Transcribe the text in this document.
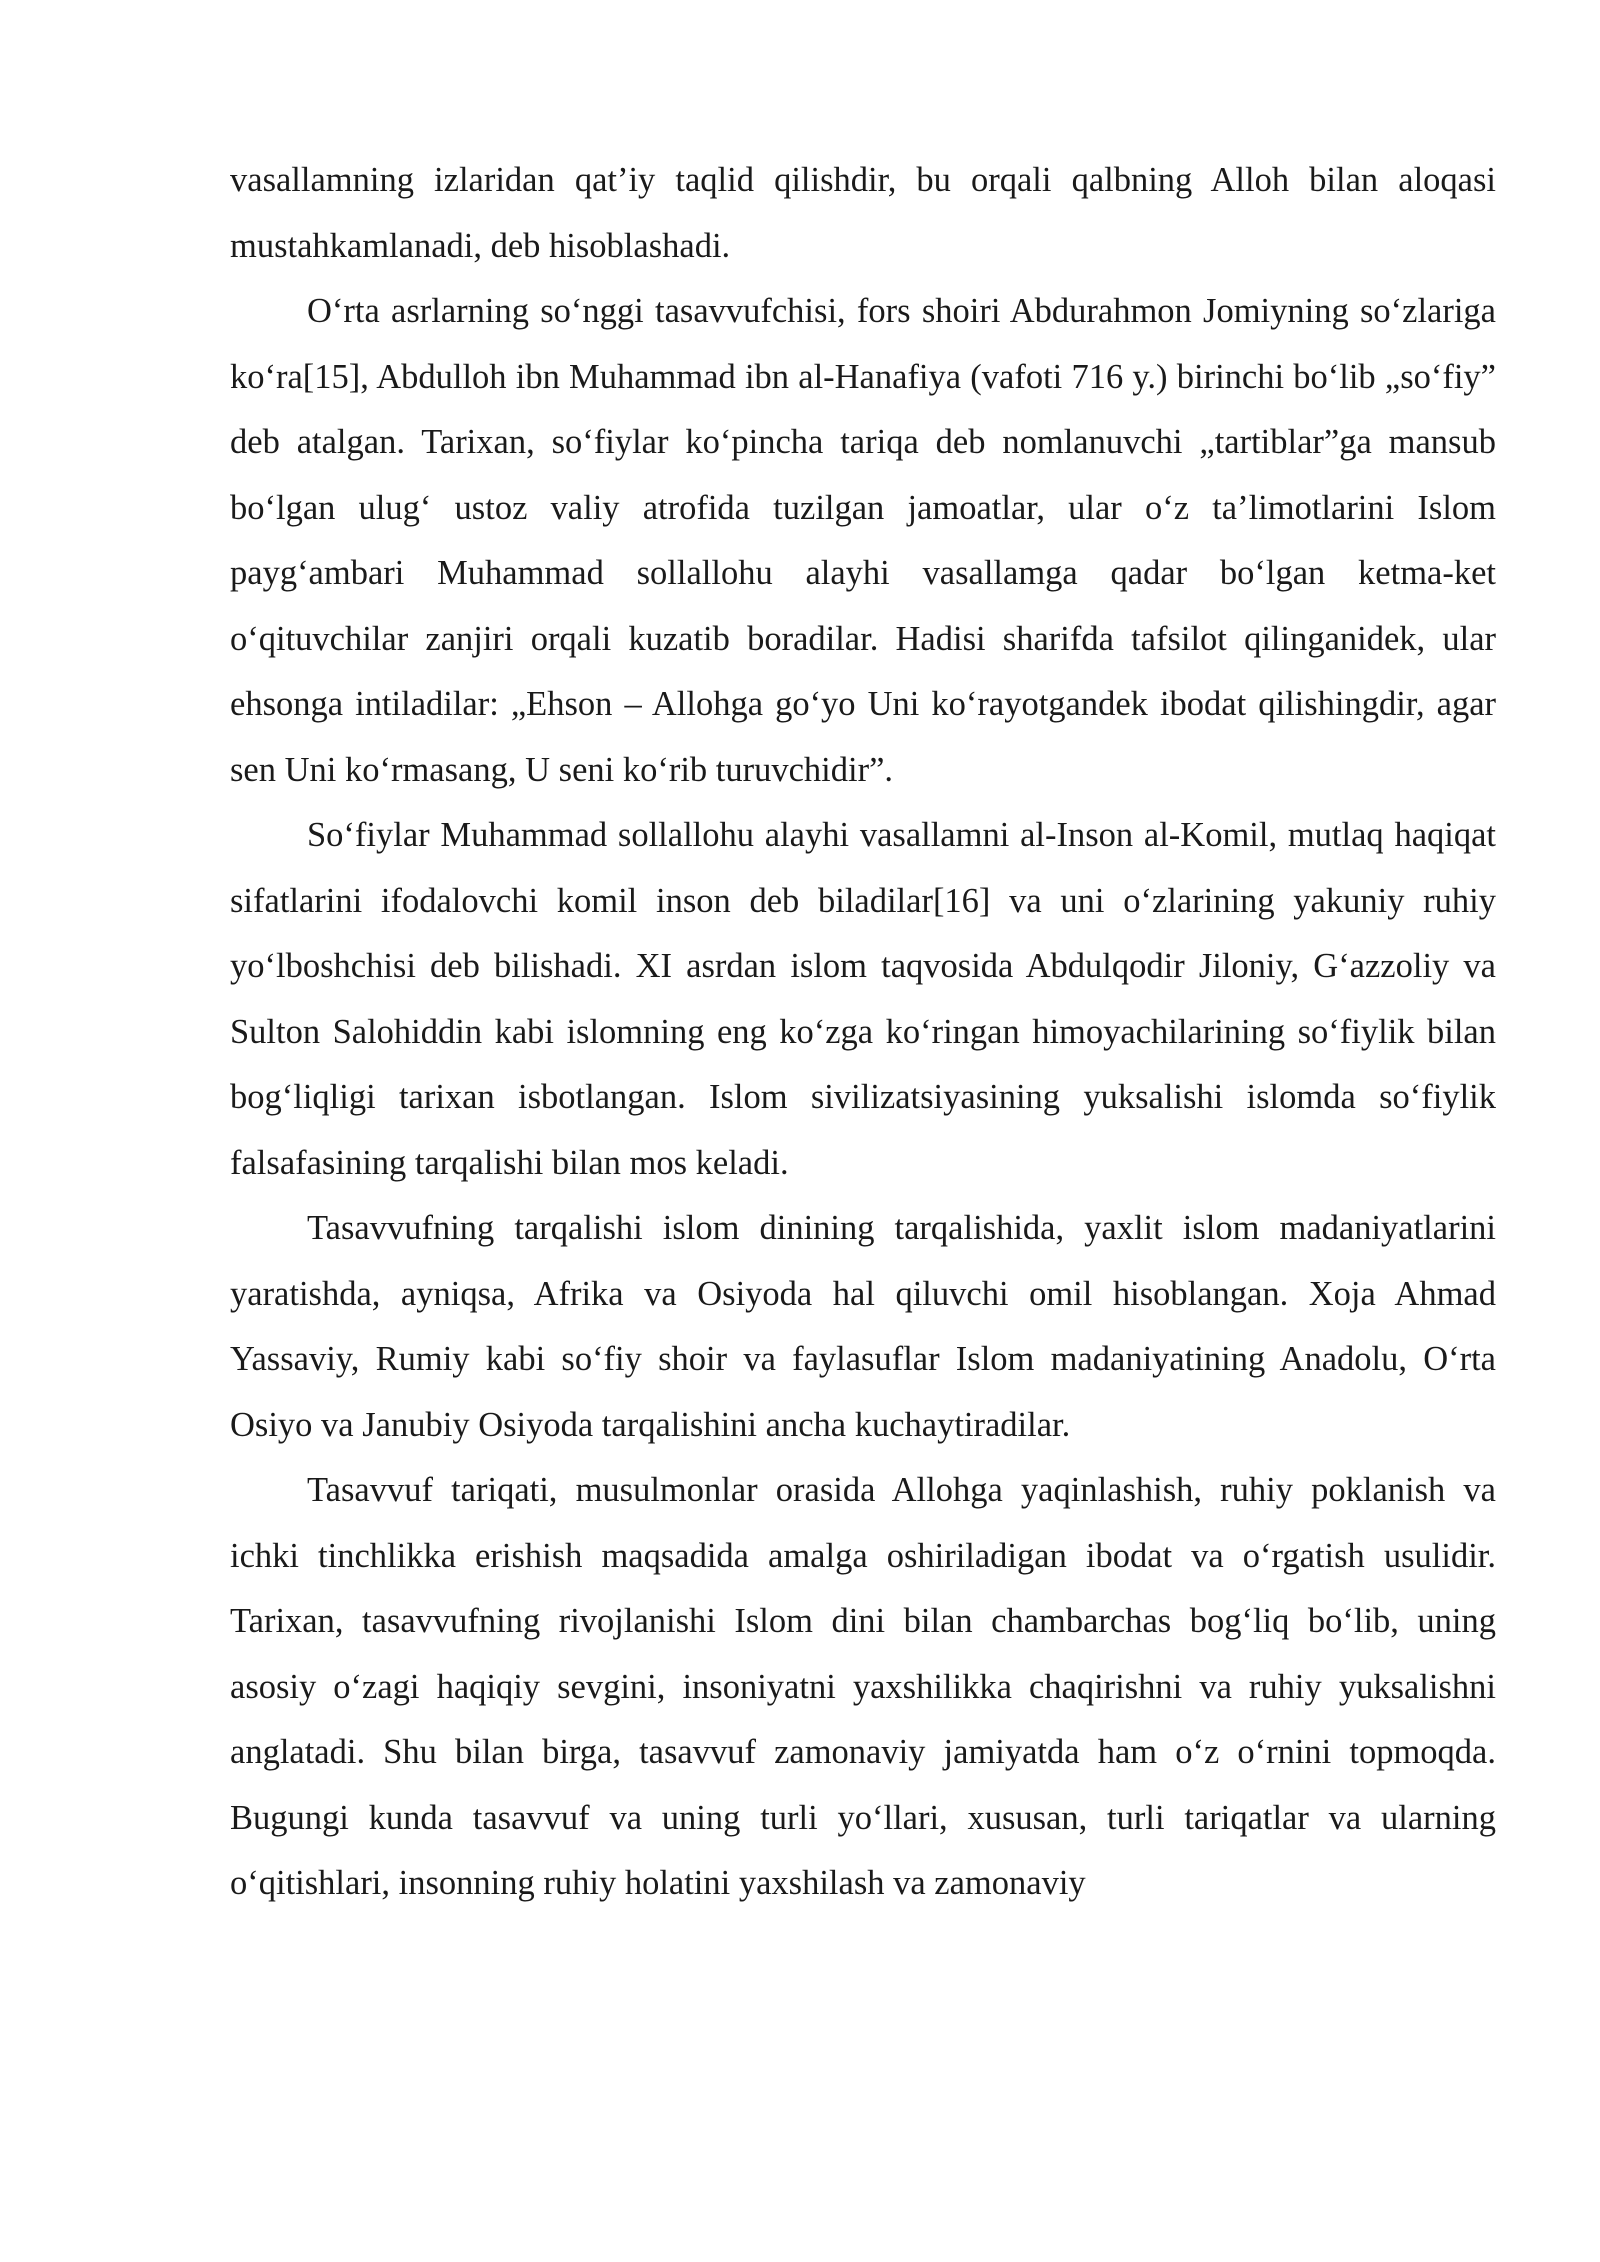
vasallamning izlaridan qat’iy taqlid qilishdir, bu orqali qalbning Alloh bilan aloqasi mustahkamlanadi, deb hisoblashadi.

O‘rta asrlarning so‘nggi tasavvufchisi, fors shoiri Abdurahmon Jomiyning so‘zlariga ko‘ra[15], Abdulloh ibn Muhammad ibn al-Hanafiya (vafoti 716 y.) birinchi bo‘lib „so‘fiy” deb atalgan. Tarixan, so‘fiylar ko‘pincha tariqa deb nomlanuvchi „tartiblar”ga mansub bo‘lgan ulug‘ ustoz valiy atrofida tuzilgan jamoatlar, ular o‘z ta’limotlarini Islom payg‘ambari Muhammad sollallohu alayhi vasallamga qadar bo‘lgan ketma-ket o‘qituvchilar zanjiri orqali kuzatib boradilar. Hadisi sharifda tafsilot qilinganidek, ular ehsonga intiladilar: „Ehson – Allohga go‘yo Uni ko‘rayotgandek ibodat qilishingdir, agar sen Uni ko‘rmasang, U seni ko‘rib turuvchidir”.

So‘fiylar Muhammad sollallohu alayhi vasallamni al-Inson al-Komil, mutlaq haqiqat sifatlarini ifodalovchi komil inson deb biladilar[16] va uni o‘zlarining yakuniy ruhiy yo‘lboshchisi deb bilishadi. XI asrdan islom taqvosida Abdulqodir Jiloniy, G‘azzoliy va Sulton Salohiddin kabi islomning eng ko‘zga ko‘ringan himoyachilarining so‘fiylik bilan bog‘liqligi tarixan isbotlangan. Islom sivilizatsiyasining yuksalishi islomda so‘fiylik falsafasining tarqalishi bilan mos keladi.

Tasavvufning tarqalishi islom dinining tarqalishida, yaxlit islom madaniyatlarini yaratishda, ayniqsa, Afrika va Osiyoda hal qiluvchi omil hisoblangan. Xoja Ahmad Yassaviy, Rumiy kabi so‘fiy shoir va faylasuflar Islom madaniyatining Anadolu, O‘rta Osiyo va Janubiy Osiyoda tarqalishini ancha kuchaytiradilar.

Tasavvuf tariqati, musulmonlar orasida Allohga yaqinlashish, ruhiy poklanish va ichki tinchlikka erishish maqsadida amalga oshiriladigan ibodat va o‘rgatish usulidir. Tarixan, tasavvufning rivojlanishi Islom dini bilan chambarchas bog‘liq bo‘lib, uning asosiy o‘zagi haqiqiy sevgini, insoniyatni yaxshilikka chaqirishni va ruhiy yuksalishni anglatadi. Shu bilan birga, tasavvuf zamonaviy jamiyatda ham o‘z o‘rnini topmoqda. Bugungi kunda tasavvuf va uning turli yo‘llari, xususan, turli tariqatlar va ularning o‘qitishlari, insonning ruhiy holatini yaxshilash va zamonaviy
